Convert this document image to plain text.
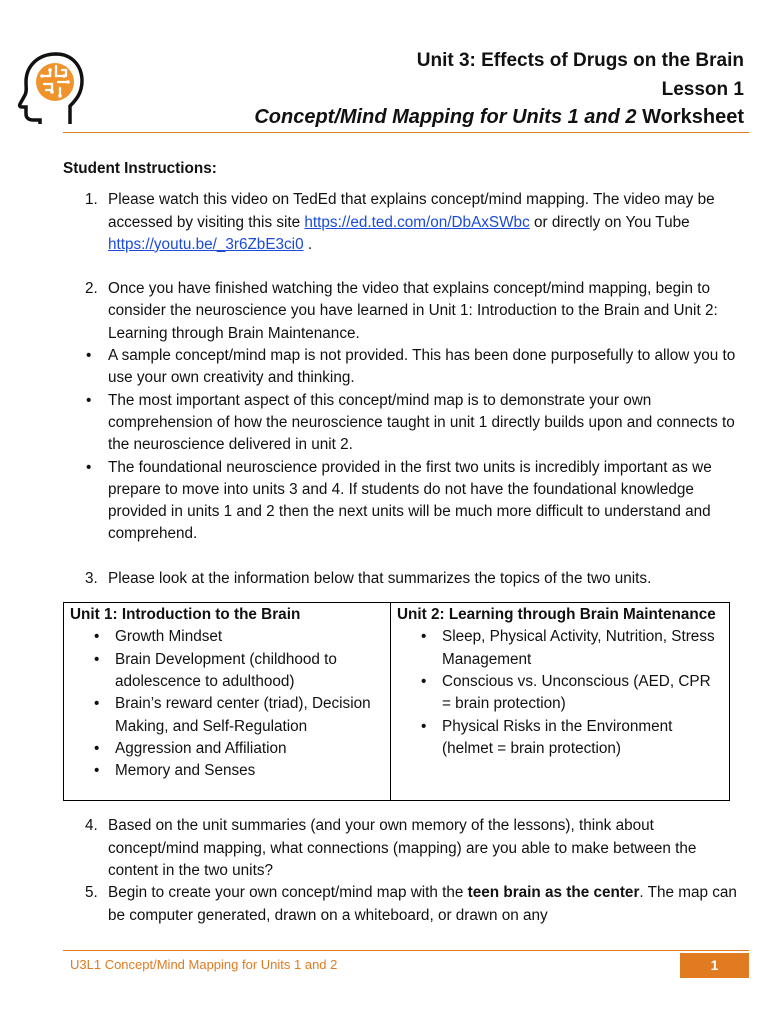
Unit 3: Effects of Drugs on the Brain
Lesson 1
Concept/Mind Mapping for Units 1 and 2 Worksheet
Student Instructions:
1. Please watch this video on TedEd that explains concept/mind mapping. The video may be accessed by visiting this site https://ed.ted.com/on/DbAxSWbc or directly on You Tube https://youtu.be/_3r6ZbE3ci0 .
2. Once you have finished watching the video that explains concept/mind mapping, begin to consider the neuroscience you have learned in Unit 1: Introduction to the Brain and Unit 2: Learning through Brain Maintenance.
• A sample concept/mind map is not provided. This has been done purposefully to allow you to use your own creativity and thinking.
• The most important aspect of this concept/mind map is to demonstrate your own comprehension of how the neuroscience taught in unit 1 directly builds upon and connects to the neuroscience delivered in unit 2.
• The foundational neuroscience provided in the first two units is incredibly important as we prepare to move into units 3 and 4. If students do not have the foundational knowledge provided in units 1 and 2 then the next units will be much more difficult to understand and comprehend.
3. Please look at the information below that summarizes the topics of the two units.
Unit 1: Introduction to the Brain
• Growth Mindset
• Brain Development (childhood to adolescence to adulthood)
• Brain’s reward center (triad), Decision Making, and Self-Regulation
• Aggression and Affiliation
• Memory and Senses

Unit 2: Learning through Brain Maintenance
• Sleep, Physical Activity, Nutrition, Stress Management
• Conscious vs. Unconscious (AED, CPR = brain protection)
• Physical Risks in the Environment (helmet = brain protection)
4. Based on the unit summaries (and your own memory of the lessons), think about concept/mind mapping, what connections (mapping) are you able to make between the content in the two units?
5. Begin to create your own concept/mind map with the teen brain as the center. The map can be computer generated, drawn on a whiteboard, or drawn on any
U3L1 Concept/Mind Mapping for Units 1 and 2	1
